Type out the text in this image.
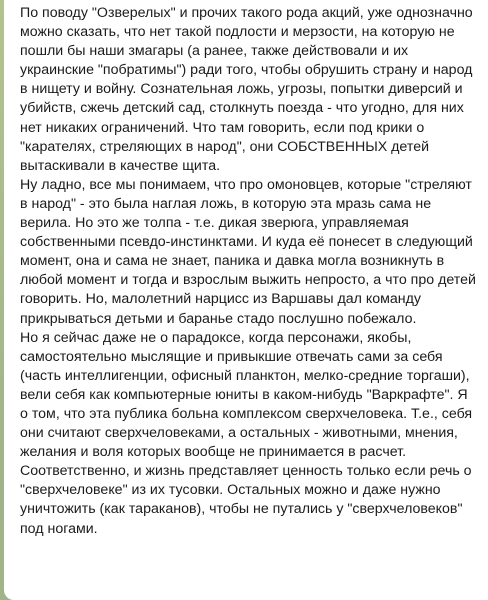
По поводу "Озверелых" и прочих такого рода акций, уже однозначно можно сказать, что нет такой подлости и мерзости, на которую не пошли бы наши змагары (а ранее, также действовали и их украинские "побратимы") ради того, чтобы обрушить страну и народ в нищету и войну. Сознательная ложь, угрозы, попытки диверсий и убийств, сжечь детский сад, столкнуть поезда - что угодно, для них нет никаких ограничений. Что там говорить, если под крики о "карателях, стреляющих в народ", они СОБСТВЕННЫХ детей вытаскивали в качестве щита.

Ну ладно, все мы понимаем, что про омоновцев, которые "стреляют в народ" - это была наглая ложь, в которую эта мразь сама не верила. Но это же толпа - т.е. дикая зверюга, управляемая собственными псевдо-инстинктами. И куда её понесет в следующий момент, она и сама не знает, паника и давка могла возникнуть в любой момент и тогда и взрослым выжить непросто, а что про детей говорить. Но, малолетний нарцисс из Варшавы дал команду прикрываться детьми и баранье стадо послушно побежало.

Но я сейчас даже не о парадоксе, когда персонажи, якобы, самостоятельно мыслящие и привыкшие отвечать сами за себя (часть интеллигенции, офисный планктон, мелко-средние торгаши), вели себя как компьютерные юниты в каком-нибудь "Варкрафте". Я о том, что эта публика больна комплексом сверхчеловека. Т.е., себя они считают сверхчеловеками, а остальных - животными, мнения, желания и воля которых вообще не принимается в расчет. Соответственно, и жизнь представляет ценность только если речь о "сверхчеловеке" из их тусовки. Остальных можно и даже нужно уничтожить (как тараканов), чтобы не путались у "сверхчеловеков" под ногами.
